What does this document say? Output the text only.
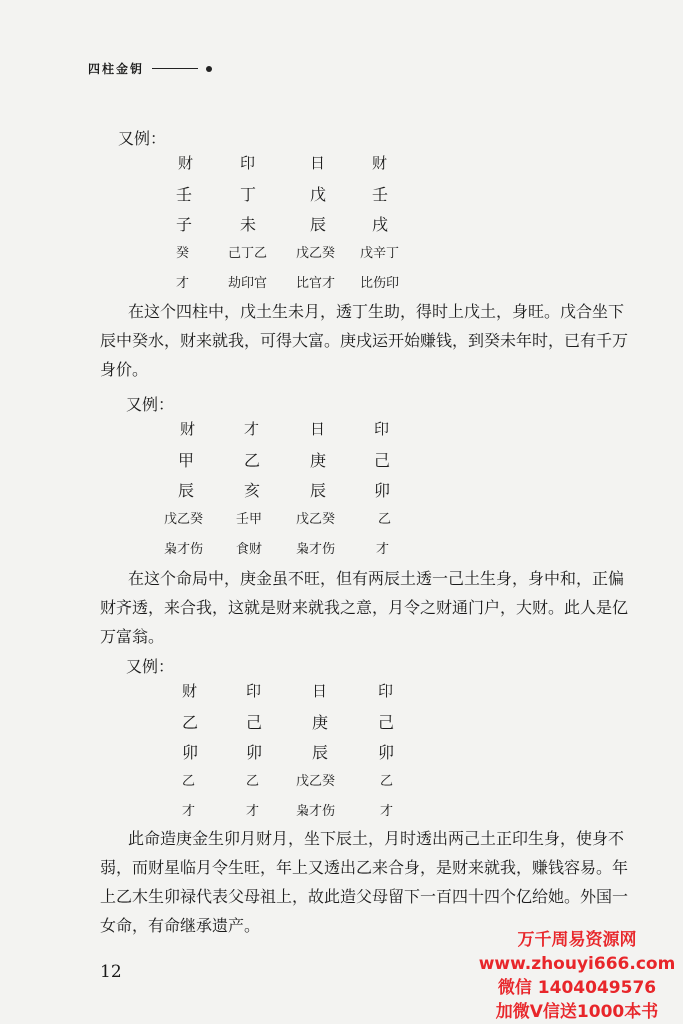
四柱金钥
又例：
财	印	日	财
壬	丁	戊	壬
子	未	辰	戌
癸	己丁乙 戊乙癸 戊辛丁
才	劫印官 比官才 比伤印

在这个四柱中，戊土生未月，透丁生助，得时上戊土，身旺。戊合坐下辰中癸水，财来就我，可得大富。庚戌运开始赚钱，到癸未年时，已有千万身价。

又例：
财	才	日	印
甲	乙	庚	己
辰	亥	辰	卯
戊乙癸	壬甲	戊乙癸	乙
枭才伤	食财	枭才伤	才

在这个命局中，庚金虽不旺，但有两辰土透一己土生身，身中和，正偏财齐透，来合我，这就是财来就我之意，月令之财通门户，大财。此人是亿万富翁。

又例：
财	印	日	印
乙	己	庚	己
卯	卯	辰	卯
乙	乙	戊乙癸	乙
才	才	枭才伤	才

此命造庚金生卯月财月，坐下辰土，月时透出两己土正印生身，使身不弱，而财星临月令生旺，年上又透出乙来合身，是财来就我，赚钱容易。年上乙木生卯禄代表父母祖上，故此造父母留下一百四十四个亿给她。外国一女命，有命继承遗产。

12
万千周易资源网
www.zhouyi666.com
微信 1404049576
加微V信送1000本书
